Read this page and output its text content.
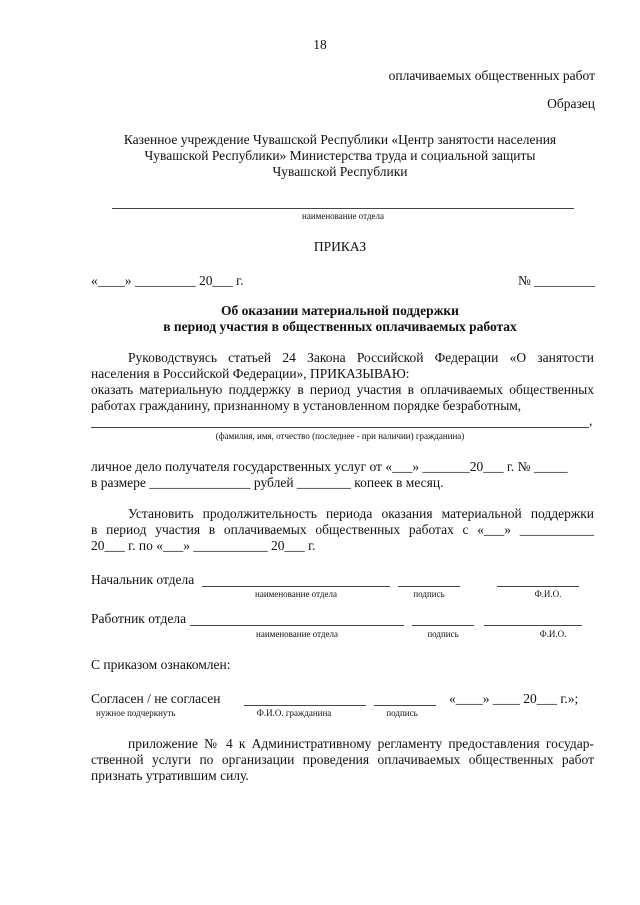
18
оплачиваемых общественных работ
Образец
Казенное учреждение Чувашской Республики «Центр занятости населения
Чувашской Республики» Министерства труда и социальной защиты
Чувашской Республики
наименование отдела
ПРИКАЗ
«____» _________ 20___ г.	№ _________
Об оказании материальной поддержки
в период участия в общественных оплачиваемых работах
Руководствуясь статьей 24 Закона Российской Федерации «О занятости
населения в Российской Федерации», ПРИКАЗЫВАЮ:
оказать материальную поддержку в период участия в оплачиваемых общественных
работах гражданину, признанному в установленном порядке безработным,
,
(фамилия, имя, отчество (последнее - при наличии) гражданина)
личное дело получателя государственных услуг от «___» _______20___ г. № _____
в размере _______________ рублей ________ копеек в месяц.
Установить продолжительность периода оказания материальной поддержки
в период участия в оплачиваемых общественных работах с «___» ___________
20___ г. по «___» ___________ 20___ г.
Начальник отдела
наименование отдела	подпись	Ф.И.О.
Работник отдела
наименование отдела	подпись	Ф.И.О.
С приказом ознакомлен:
Согласен / не согласен	«____» ____ 20___ г.»;
нужное подчеркнуть	Ф.И.О. гражданина	подпись
приложение № 4 к Административному регламенту предоставления государ-
ственной услуги по организации проведения оплачиваемых общественных работ
признать утратившим силу.
